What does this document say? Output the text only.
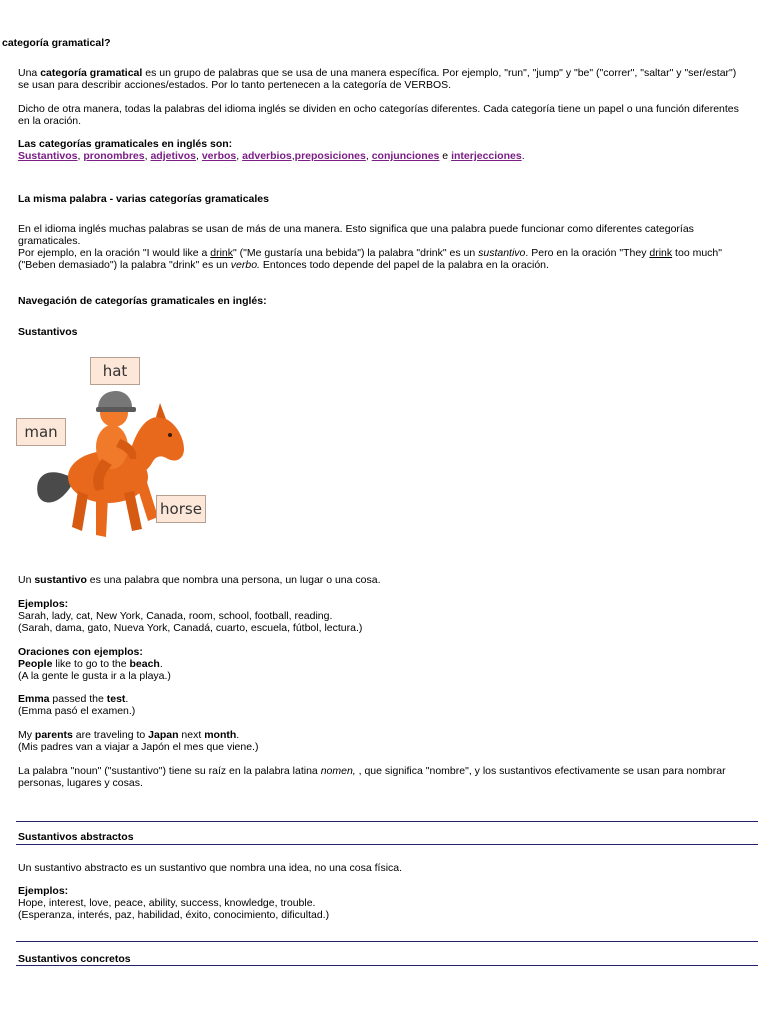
categoría gramatical?
Una categoría gramatical es un grupo de palabras que se usa de una manera específica. Por ejemplo, "run", "jump" y "be" ("correr", "saltar" y "ser/estar") se usan para describir acciones/estados. Por lo tanto pertenecen a la categoría de VERBOS.
Dicho de otra manera, todas la palabras del idioma inglés se dividen en ocho categorías diferentes. Cada categoría tiene un papel o una función diferentes en la oración.
Las categorías gramaticales en inglés son:
Sustantivos, pronombres, adjetivos, verbos, adverbios,preposiciones, conjunciones e interjecciones.
La misma palabra - varias categorías gramaticales
En el idioma inglés muchas palabras se usan de más de una manera. Esto significa que una palabra puede funcionar como diferentes categorías gramaticales.
Por ejemplo, en la oración "I would like a drink" ("Me gustaría una bebida") la palabra "drink" es un sustantivo. Pero en la oración "They drink too much" ("Beben demasiado") la palabra "drink" es un verbo. Entonces todo depende del papel de la palabra en la oración.
Navegación de categorías gramaticales en inglés:
Sustantivos
hat
man
horse
Un sustantivo es una palabra que nombra una persona, un lugar o una cosa.
Ejemplos:
Sarah, lady, cat, New York, Canada, room, school, football, reading.
(Sarah, dama, gato, Nueva York, Canadá, cuarto, escuela, fútbol, lectura.)
Oraciones con ejemplos:
People like to go to the beach.
(A la gente le gusta ir a la playa.)
Emma passed the test.
(Emma pasó el examen.)
My parents are traveling to Japan next month.
(Mis padres van a viajar a Japón el mes que viene.)
La palabra "noun" ("sustantivo") tiene su raíz en la palabra latina nomen, , que significa "nombre", y los sustantivos efectivamente se usan para nombrar personas, lugares y cosas.
Sustantivos abstractos
Un sustantivo abstracto es un sustantivo que nombra una idea, no una cosa física.
Ejemplos:
Hope, interest, love, peace, ability, success, knowledge, trouble.
(Esperanza, interés, paz, habilidad, éxito, conocimiento, dificultad.)
Sustantivos concretos
